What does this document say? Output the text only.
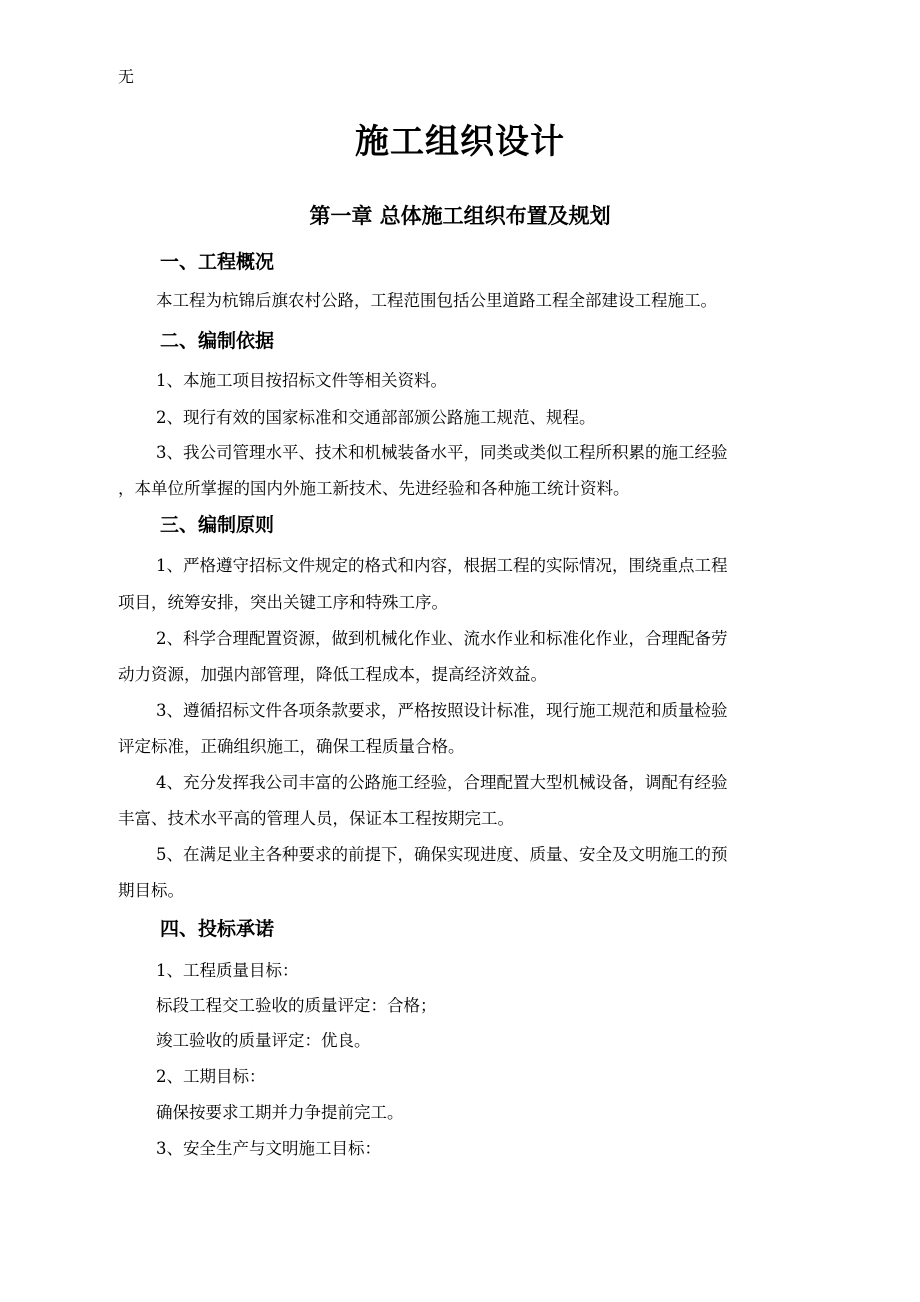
无
施工组织设计
第一章 总体施工组织布置及规划
一、工程概况
本工程为杭锦后旗农村公路，工程范围包括公里道路工程全部建设工程施工。
二、编制依据
1、本施工项目按招标文件等相关资料。
2、现行有效的国家标准和交通部部颁公路施工规范、规程。
3、我公司管理水平、技术和机械装备水平，同类或类似工程所积累的施工经验
，本单位所掌握的国内外施工新技术、先进经验和各种施工统计资料。
三、编制原则
1、严格遵守招标文件规定的格式和内容，根据工程的实际情况，围绕重点工程
项目，统筹安排，突出关键工序和特殊工序。
2、科学合理配置资源，做到机械化作业、流水作业和标准化作业，合理配备劳
动力资源，加强内部管理，降低工程成本，提高经济效益。
3、遵循招标文件各项条款要求，严格按照设计标准，现行施工规范和质量检验
评定标准，正确组织施工，确保工程质量合格。
4、充分发挥我公司丰富的公路施工经验，合理配置大型机械设备，调配有经验
丰富、技术水平高的管理人员，保证本工程按期完工。
5、在满足业主各种要求的前提下，确保实现进度、质量、安全及文明施工的预
期目标。
四、投标承诺
1、工程质量目标：
标段工程交工验收的质量评定：合格；
竣工验收的质量评定：优良。
2、工期目标：
确保按要求工期并力争提前完工。
3、安全生产与文明施工目标：
